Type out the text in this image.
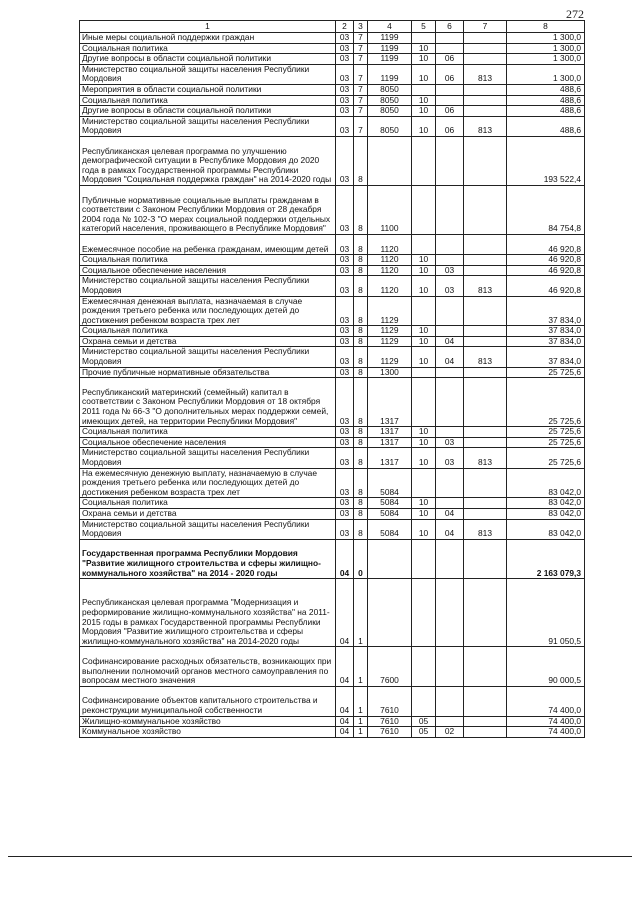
272
1	2	3	4	5	6	7	8
Иные меры социальной поддержки граждан	03	7	1199				1 300,0
Социальная политика	03	7	1199	10			1 300,0
Другие вопросы в области социальной политики	03	7	1199	10	06		1 300,0
Министерство социальной защиты населения Республики Мордовия	03	7	1199	10	06	813	1 300,0
Мероприятия в области социальной политики	03	7	8050				488,6
Социальная политика	03	7	8050	10			488,6
Другие вопросы в области социальной политики	03	7	8050	10	06		488,6
Министерство социальной защиты населения Республики Мордовия	03	7	8050	10	06	813	488,6
Республиканская целевая программа по улучшению демографической ситуации в Республике Мордовия до 2020 года в рамках Государственной программы Республики Мордовия "Социальная поддержка граждан" на 2014-2020 годы	03	8					193 522,4
Публичные нормативные социальные выплаты гражданам в соответствии с Законом Республики Мордовия от 28 декабря 2004 года № 102-З "О мерах социальной поддержки отдельных категорий населения, проживающего в Республике Мордовия"	03	8	1100				84 754,8
Ежемесячное пособие на ребенка гражданам, имеющим детей	03	8	1120				46 920,8
Социальная политика	03	8	1120	10			46 920,8
Социальное обеспечение населения	03	8	1120	10	03		46 920,8
Министерство социальной защиты населения Республики Мордовия	03	8	1120	10	03	813	46 920,8
Ежемесячная денежная выплата, назначаемая в случае рождения третьего ребенка или последующих детей до достижения ребенком возраста трех лет	03	8	1129				37 834,0
Социальная политика	03	8	1129	10			37 834,0
Охрана семьи и детства	03	8	1129	10	04		37 834,0
Министерство социальной защиты населения Республики Мордовия	03	8	1129	10	04	813	37 834,0
Прочие публичные нормативные обязательства	03	8	1300				25 725,6
Республиканский материнский (семейный) капитал в соответствии с Законом Республики Мордовия от 18 октября 2011 года № 66-З "О дополнительных мерах поддержки семей, имеющих детей, на территории Республики Мордовия"	03	8	1317				25 725,6
Социальная политика	03	8	1317	10			25 725,6
Социальное обеспечение населения	03	8	1317	10	03		25 725,6
Министерство социальной защиты населения Республики Мордовия	03	8	1317	10	03	813	25 725,6
На ежемесячную денежную выплату, назначаемую в случае рождения третьего ребенка или последующих детей до достижения ребенком возраста трех лет	03	8	5084				83 042,0
Социальная политика	03	8	5084	10			83 042,0
Охрана семьи и детства	03	8	5084	10	04		83 042,0
Министерство социальной защиты населения Республики Мордовия	03	8	5084	10	04	813	83 042,0
Государственная программа Республики Мордовия "Развитие жилищного строительства и сферы жилищно-коммунального хозяйства" на 2014 - 2020 годы	04	0					2 163 079,3
Республиканская целевая программа "Модернизация и реформирование жилищно-коммунального хозяйства" на 2011-2015 годы в рамках Государственной программы Республики Мордовия "Развитие жилищного строительства и сферы жилищно-коммунального хозяйства" на 2014-2020 годы	04	1					91 050,5
Софинансирование расходных обязательств, возникающих при выполнении полномочий органов местного самоуправления по вопросам местного значения	04	1	7600				90 000,5
Софинансирование объектов капитального строительства и реконструкции муниципальной собственности	04	1	7610				74 400,0
Жилищно-коммунальное хозяйство	04	1	7610	05			74 400,0
Коммунальное хозяйство	04	1	7610	05	02		74 400,0
